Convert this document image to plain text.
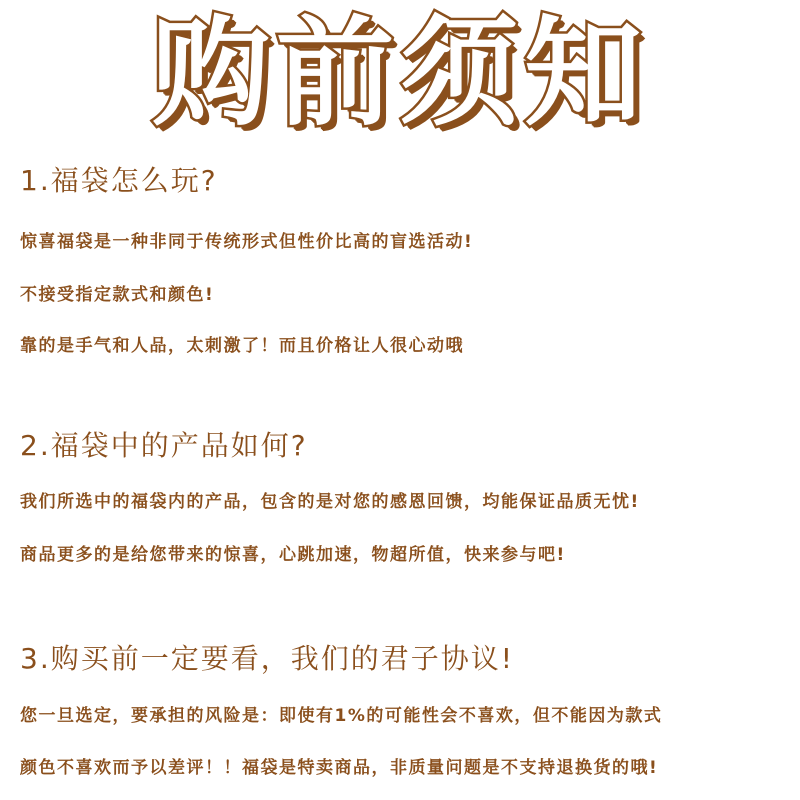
购前须知
1.福袋怎么玩?
惊喜福袋是一种非同于传统形式但性价比高的盲选活动!
不接受指定款式和颜色!
靠的是手气和人品，太刺激了！而且价格让人很心动哦
2.福袋中的产品如何?
我们所选中的福袋内的产品，包含的是对您的感恩回馈，均能保证品质无忧!
商品更多的是给您带来的惊喜，心跳加速，物超所值，快来参与吧!
3.购买前一定要看，我们的君子协议!
您一旦选定，要承担的风险是：即使有1%的可能性会不喜欢，但不能因为款式
颜色不喜欢而予以差评！！福袋是特卖商品，非质量问题是不支持退换货的哦!
